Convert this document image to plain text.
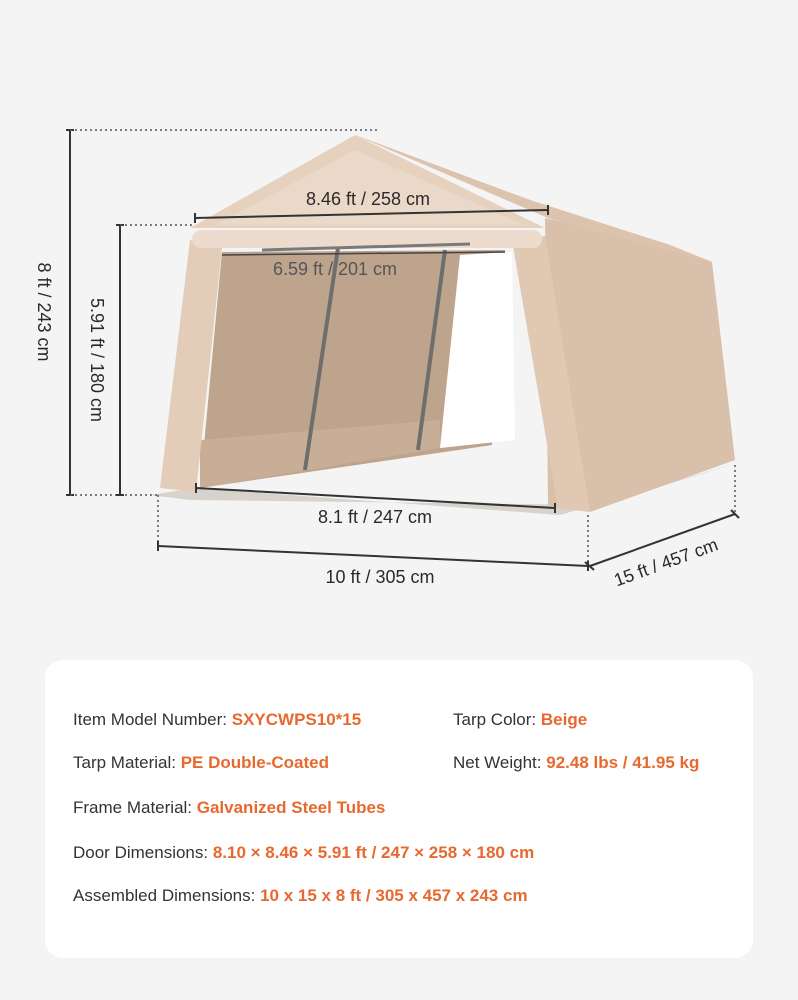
8 ft / 243 cm 5.91 ft / 180 cm
8.46 ft / 258 cm
6.59 ft / 201 cm
8.1 ft / 247 cm
10 ft / 305 cm	15 ft / 457 cm
Item Model Number: SXYCWPS10*15	Tarp Color: Beige
Tarp Material: PE Double-Coated	Net Weight: 92.48 lbs / 41.95 kg
Frame Material: Galvanized Steel Tubes
Door Dimensions: 8.10 × 8.46 × 5.91 ft / 247 × 258 × 180 cm
Assembled Dimensions: 10 x 15 x 8 ft / 305 x 457 x 243 cm
